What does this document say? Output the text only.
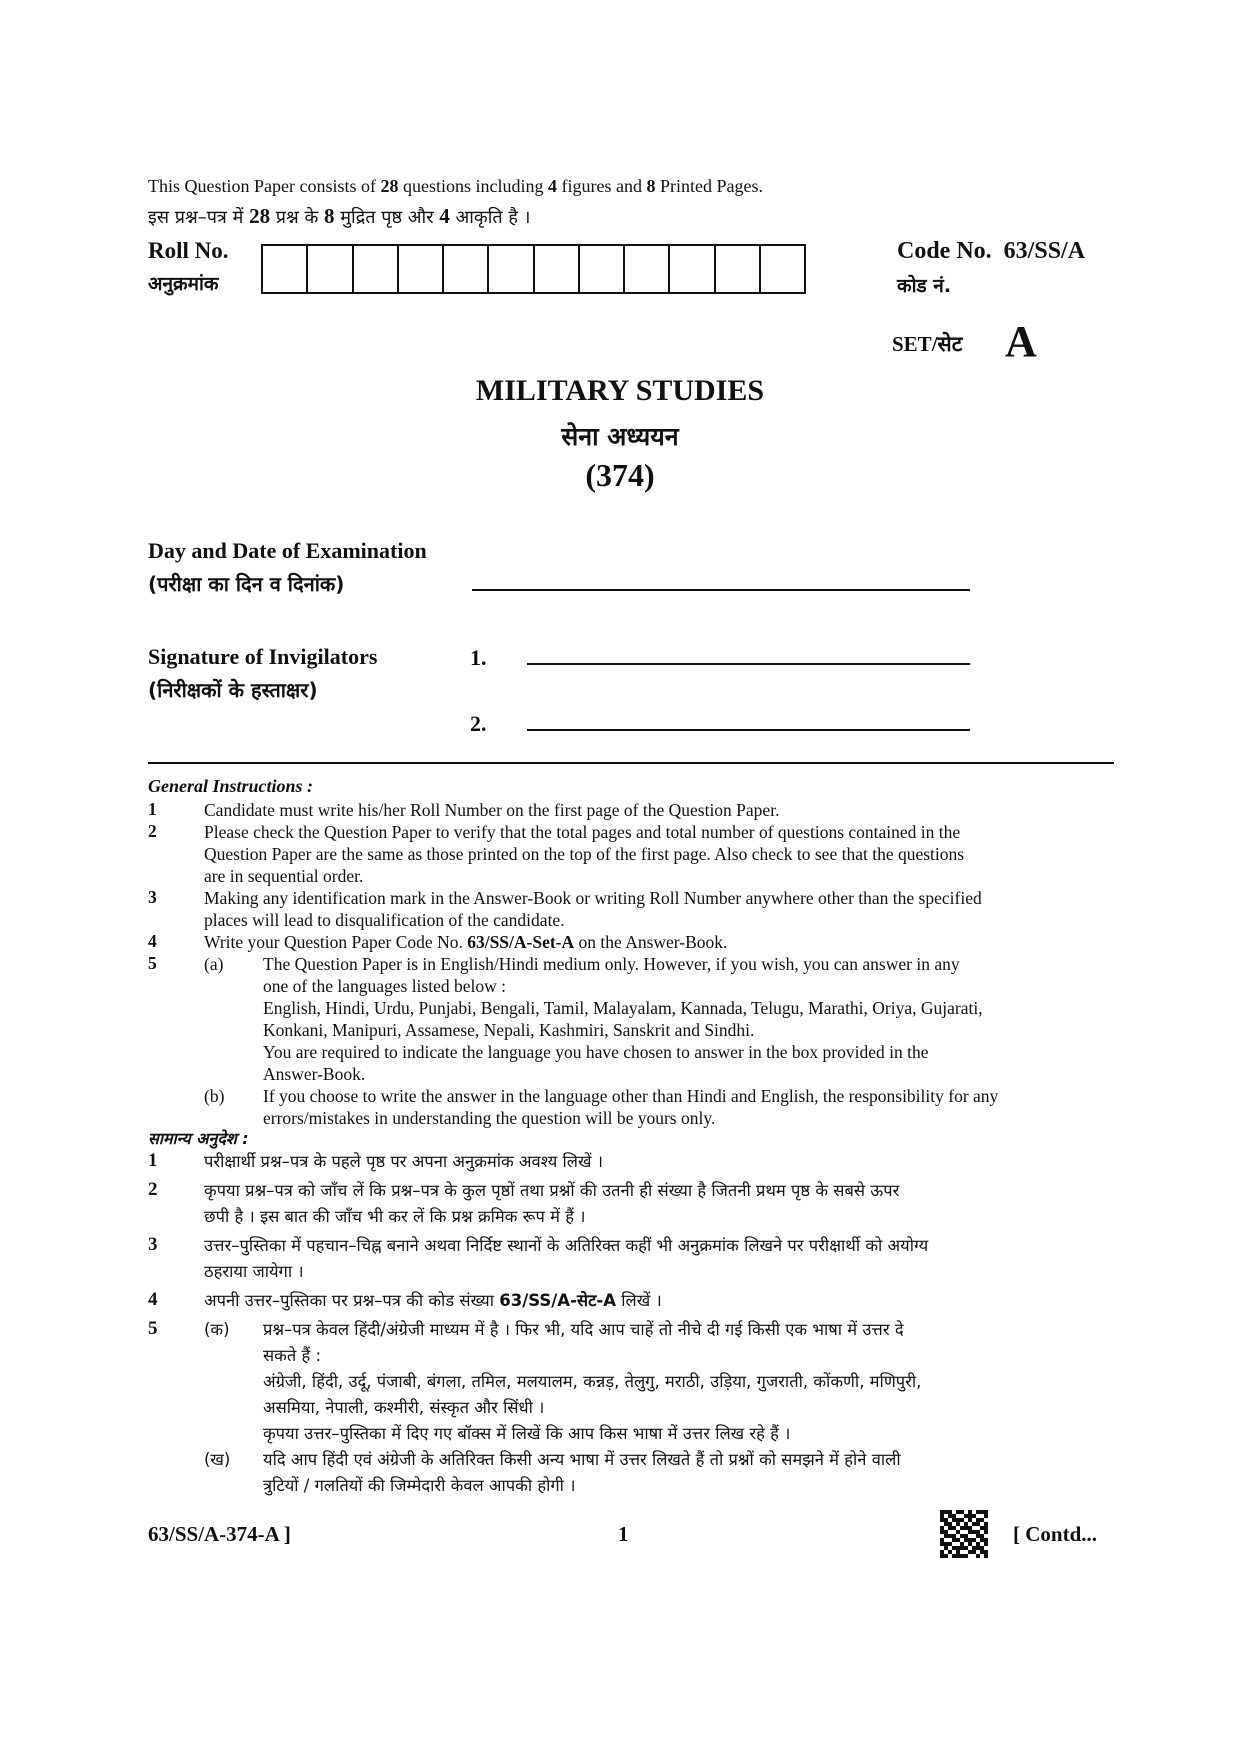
This Question Paper consists of 28 questions including 4 figures and 8 Printed Pages.
इस प्रश्न–पत्र में 28 प्रश्न के 8 मुद्रित पृष्ठ और 4 आकृति है ।
Roll No.
अनुक्रमांक
Code No. 63/SS/A
कोड नं.
SET/सेट A
MILITARY STUDIES
सेना अध्ययन
(374)
Day and Date of Examination
(परीक्षा का दिन व दिनांक)
Signature of Invigilators
(निरीक्षकों के हस्ताक्षर)
1.
2.
General Instructions :
1	Candidate must write his/her Roll Number on the first page of the Question Paper.
2	Please check the Question Paper to verify that the total pages and total number of questions contained in the
Question Paper are the same as those printed on the top of the first page. Also check to see that the questions
are in sequential order.
3	Making any identification mark in the Answer-Book or writing Roll Number anywhere other than the specified
places will lead to disqualification of the candidate.
4	Write your Question Paper Code No. 63/SS/A-Set-A on the Answer-Book.
5	(a) The Question Paper is in English/Hindi medium only. However, if you wish, you can answer in any
one of the languages listed below :
English, Hindi, Urdu, Punjabi, Bengali, Tamil, Malayalam, Kannada, Telugu, Marathi, Oriya, Gujarati,
Konkani, Manipuri, Assamese, Nepali, Kashmiri, Sanskrit and Sindhi.
You are required to indicate the language you have chosen to answer in the box provided in the
Answer-Book.
(b) If you choose to write the answer in the language other than Hindi and English, the responsibility for any
errors/mistakes in understanding the question will be yours only.
सामान्य अनुदेश :
1	परीक्षार्थी प्रश्न–पत्र के पहले पृष्ठ पर अपना अनुक्रमांक अवश्य लिखें ।
2	कृपया प्रश्न–पत्र को जाँच लें कि प्रश्न–पत्र के कुल पृष्ठों तथा प्रश्नों की उतनी ही संख्या है जितनी प्रथम पृष्ठ के सबसे ऊपर
छपी है । इस बात की जाँच भी कर लें कि प्रश्न क्रमिक रूप में हैं ।
3	उत्तर–पुस्तिका में पहचान–चिह्न बनाने अथवा निर्दिष्ट स्थानों के अतिरिक्त कहीं भी अनुक्रमांक लिखने पर परीक्षार्थी को अयोग्य
ठहराया जायेगा ।
4	अपनी उत्तर–पुस्तिका पर प्रश्न–पत्र की कोड संख्या 63/SS/A-सेट-A लिखें ।
5	(क) प्रश्न–पत्र केवल हिंदी/अंग्रेजी माध्यम में है । फिर भी, यदि आप चाहें तो नीचे दी गई किसी एक भाषा में उत्तर दे
सकते हैं :
अंग्रेजी, हिंदी, उर्दू, पंजाबी, बंगला, तमिल, मलयालम, कन्नड़, तेलुगु, मराठी, उड़िया, गुजराती, कोंकणी, मणिपुरी,
असमिया, नेपाली, कश्मीरी, संस्कृत और सिंधी ।
कृपया उत्तर–पुस्तिका में दिए गए बॉक्स में लिखें कि आप किस भाषा में उत्तर लिख रहे हैं ।
(ख) यदि आप हिंदी एवं अंग्रेजी के अतिरिक्त किसी अन्य भाषा में उत्तर लिखते हैं तो प्रश्नों को समझने में होने वाली
त्रुटियों / गलतियों की जिम्मेदारी केवल आपकी होगी ।
63/SS/A-374-A ]	1	[ Contd...
